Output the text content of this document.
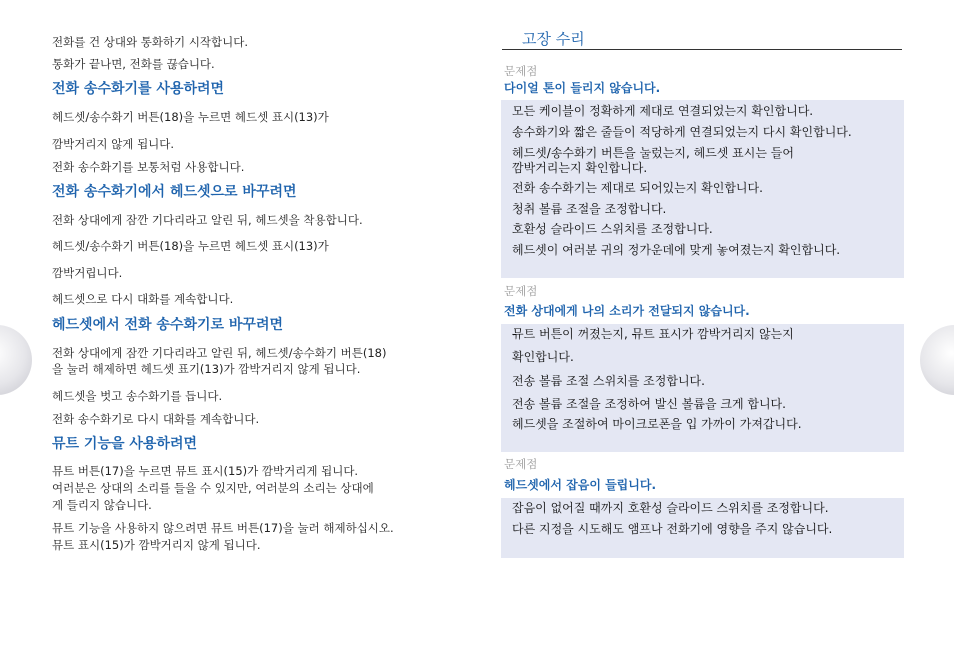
전화를 건 상대와 통화하기 시작합니다.
통화가 끝나면, 전화를 끊습니다.
전화 송수화기를 사용하려면
헤드셋/송수화기 버튼(18)을 누르면 헤드셋 표시(13)가
깜박거리지 않게 됩니다.
전화 송수화기를 보통처럼 사용합니다.
전화 송수화기에서 헤드셋으로 바꾸려면
전화 상대에게 잠깐 기다리라고 알린 뒤, 헤드셋을 착용합니다.
헤드셋/송수화기 버튼(18)을 누르면 헤드셋 표시(13)가
깜박거립니다.
헤드셋으로 다시 대화를 계속합니다.
헤드셋에서 전화 송수화기로 바꾸려면
전화 상대에게 잠깐 기다리라고 알린 뒤, 헤드셋/송수화기 버튼(18)
을 눌러 해제하면 헤드셋 표기(13)가 깜박거리지 않게 됩니다.
헤드셋을 벗고 송수화기를 듭니다.
전화 송수화기로 다시 대화를 계속합니다.
뮤트 기능을 사용하려면
뮤트 버튼(17)을 누르면 뮤트 표시(15)가 깜박거리게 됩니다.
여러분은 상대의 소리를 들을 수 있지만, 여러분의 소리는 상대에
게 들리지 않습니다.
뮤트 기능을 사용하지 않으려면 뮤트 버튼(17)을 눌러 해제하십시오.
뮤트 표시(15)가 깜박거리지 않게 됩니다.
고장 수리
문제점
다이얼 톤이 들리지 않습니다.
모든 케이블이 정확하게 제대로 연결되었는지 확인합니다.
송수화기와 짧은 줄들이 적당하게 연결되었는지 다시 확인합니다.
헤드셋/송수화기 버튼을 눌렀는지, 헤드셋 표시는 들어
깜박거리는지 확인합니다.
전화 송수화기는 제대로 되어있는지 확인합니다.
청취 볼륨 조절을 조정합니다.
호환성 슬라이드 스위치를 조정합니다.
헤드셋이 여러분 귀의 정가운데에 맞게 놓여졌는지 확인합니다.
문제점
전화 상대에게 나의 소리가 전달되지 않습니다.
뮤트 버튼이 꺼졌는지, 뮤트 표시가 깜박거리지 않는지
확인합니다.
전송 볼륨 조절 스위치를 조정합니다.
전송 볼륨 조절을 조정하여 발신 볼륨을 크게 합니다.
헤드셋을 조절하여 마이크로폰을 입 가까이 가져갑니다.
문제점
헤드셋에서 잡음이 들립니다.
잡음이 없어질 때까지 호환성 슬라이드 스위치를 조정합니다.
다른 지정을 시도해도 앰프나 전화기에 영향을 주지 않습니다.
